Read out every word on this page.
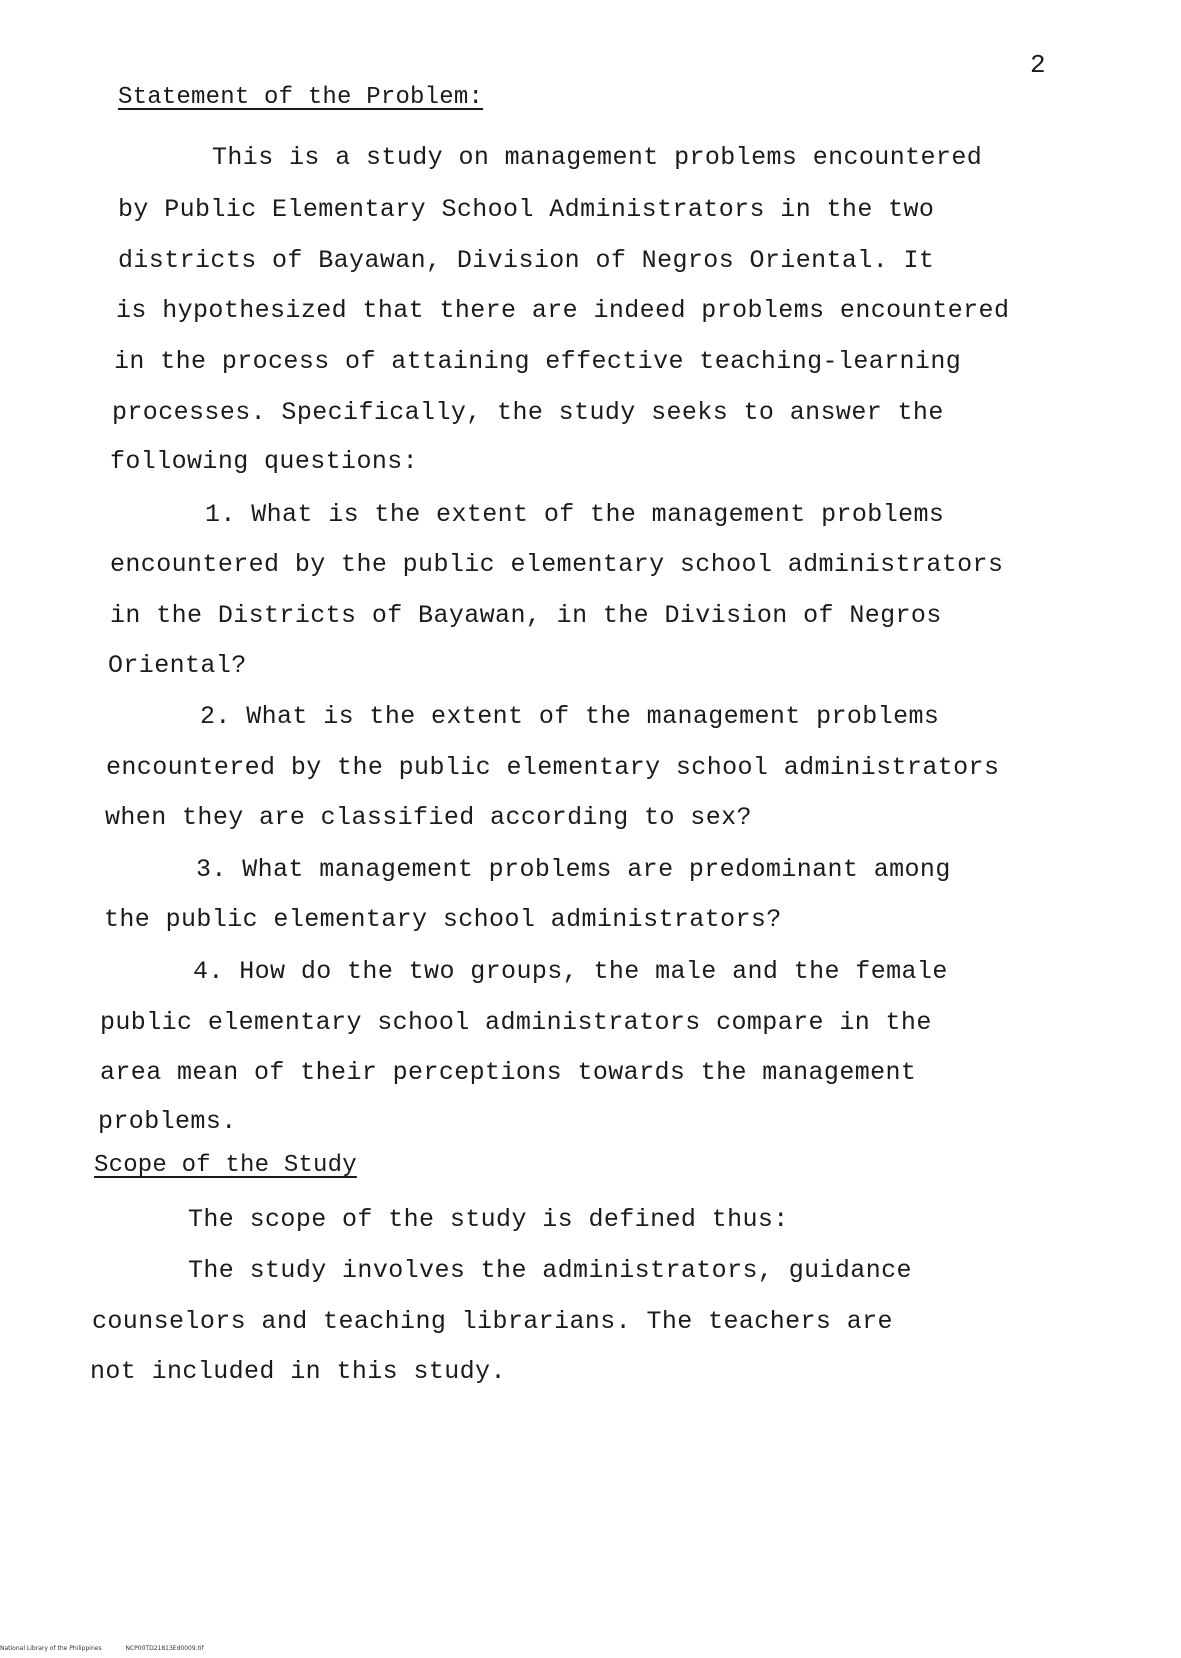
2
Statement of the Problem:
This is a study on management problems encountered
by Public Elementary School Administrators in the two
districts of Bayawan, Division of Negros Oriental. It
is hypothesized that there are indeed problems encountered
in the process of attaining effective teaching-learning
processes. Specifically, the study seeks to answer the
following questions:
1. What is the extent of the management problems
encountered by the public elementary school administrators
in the Districts of Bayawan, in the Division of Negros
Oriental?
2. What is the extent of the management problems
encountered by the public elementary school administrators
when they are classified according to sex?
3. What management problems are predominant among
the public elementary school administrators?
4. How do the two groups, the male and the female
public elementary school administrators compare in the
area mean of their perceptions towards the management
problems.
Scope of the Study
The scope of the study is defined thus:
The study involves the administrators, guidance
counselors and teaching librarians. The teachers are
not included in this study.
National Library of the Philippines	NCP00TD21813Ed0009.tif
